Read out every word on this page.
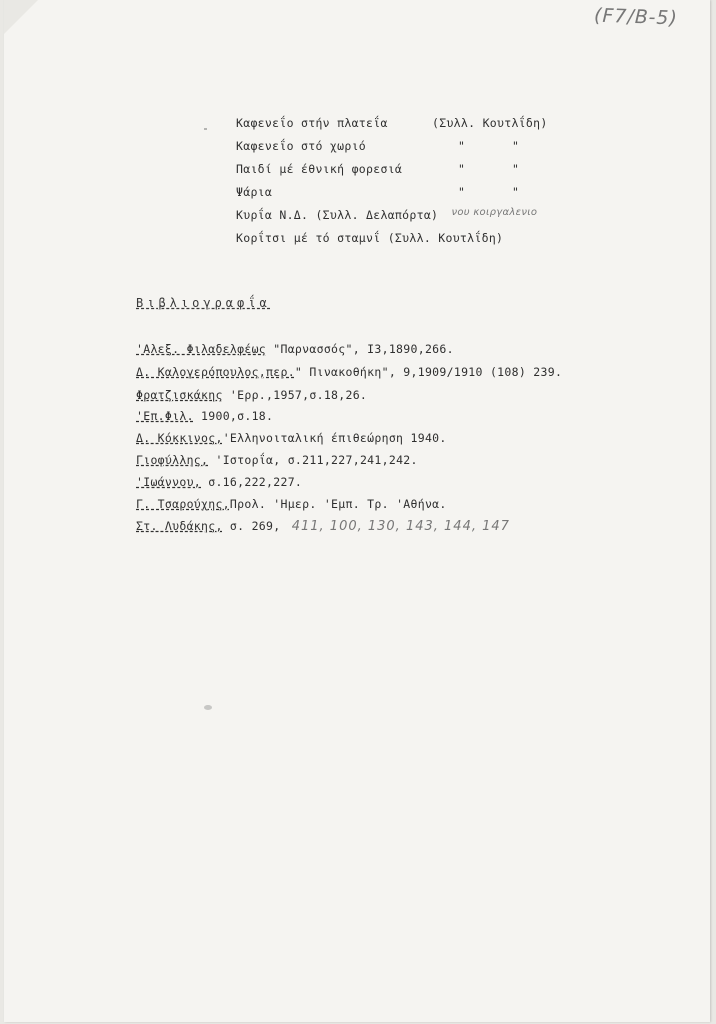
(F7/B-5)
Καφενεΐο στήν πλατεΐα	(Συλλ. Κουτλΐδη)
Καφενεΐο στό χωριό	"	"
Παιδί μέ έθνική φορεσιά	"	"
Ψάρια	"	"
Κυρΐα Ν.Δ. (Συλλ. Δελαπόρτα) νου κοιργαλενιο
Κορΐτσι μέ τό σταμνΐ (Συλλ. Κουτλΐδη)
Βιβλιογραφΐα
'Αλεξ. Φιλαδελφέως "Παρνασσός", Ι3,1890,266.
Δ. Καλογερόπουλος,περ." Πινακοθήκη", 9,1909/1910 (108) 239.
Φρατζισκάκης 'Ερρ.,1957,σ.18,26.
'Επ.Φιλ. 1900,σ.18.
Δ. Κόκκινος,'Ελληνοιταλική έπιθεώρηση 1940.
Γιοφύλλης, 'Ιστορΐα, σ.211,227,241,242.
'Ιωάννου, σ.16,222,227.
Γ. Τσαρούχης,Προλ. 'Ημερ. 'Εμπ. Τρ. 'Αθήνα.
Στ. Λυδάκης, σ. 269, 411, 100, 130, 143, 144, 147
